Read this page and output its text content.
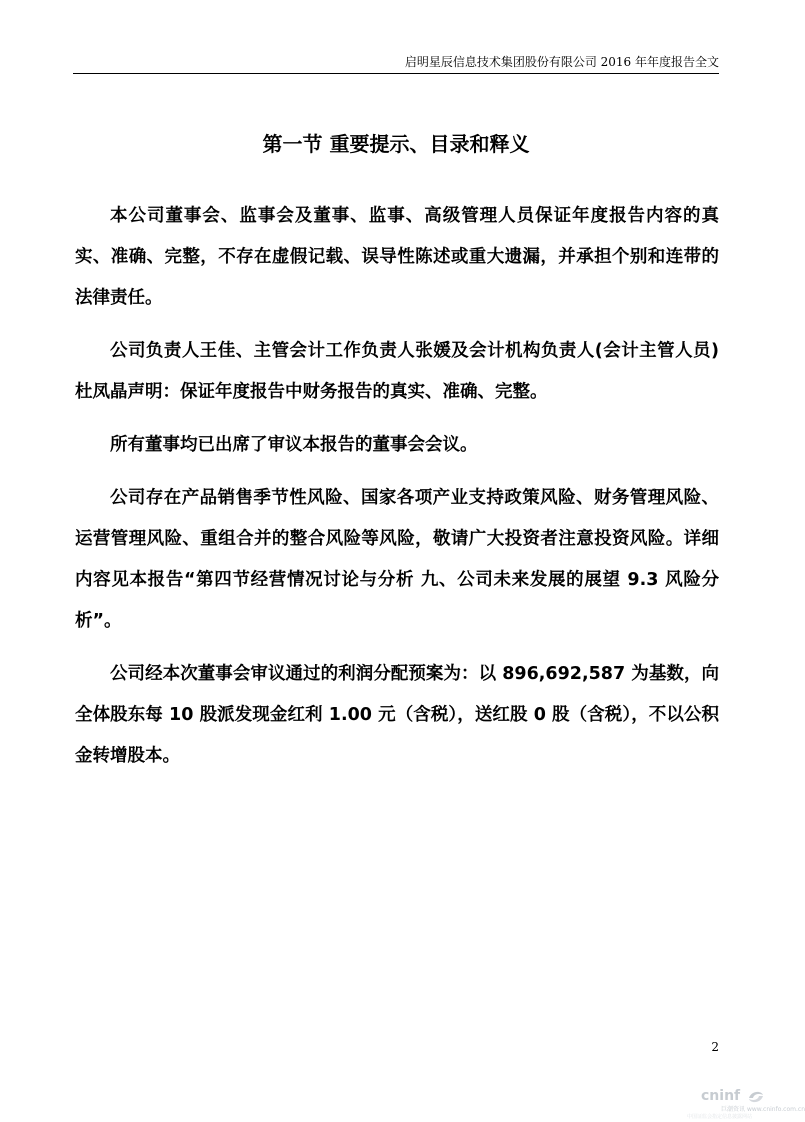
启明星辰信息技术集团股份有限公司 2016 年年度报告全文
第一节 重要提示、目录和释义

本公司董事会、监事会及董事、监事、高级管理人员保证年度报告内容的真实、准确、完整，不存在虚假记载、误导性陈述或重大遗漏，并承担个别和连带的法律责任。

公司负责人王佳、主管会计工作负责人张媛及会计机构负责人(会计主管人员)杜凤晶声明：保证年度报告中财务报告的真实、准确、完整。

所有董事均已出席了审议本报告的董事会会议。

公司存在产品销售季节性风险、国家各项产业支持政策风险、财务管理风险、运营管理风险、重组合并的整合风险等风险，敬请广大投资者注意投资风险。详细内容见本报告“第四节经营情况讨论与分析 九、公司未来发展的展望 9.3 风险分析”。

公司经本次董事会审议通过的利润分配预案为：以 896,692,587 为基数，向全体股东每 10 股派发现金红利 1.00 元（含税），送红股 0 股（含税），不以公积金转增股本。

2
cninf
巨潮资讯 www.cninfo.com.cn
中国证监会指定信息披露网站
